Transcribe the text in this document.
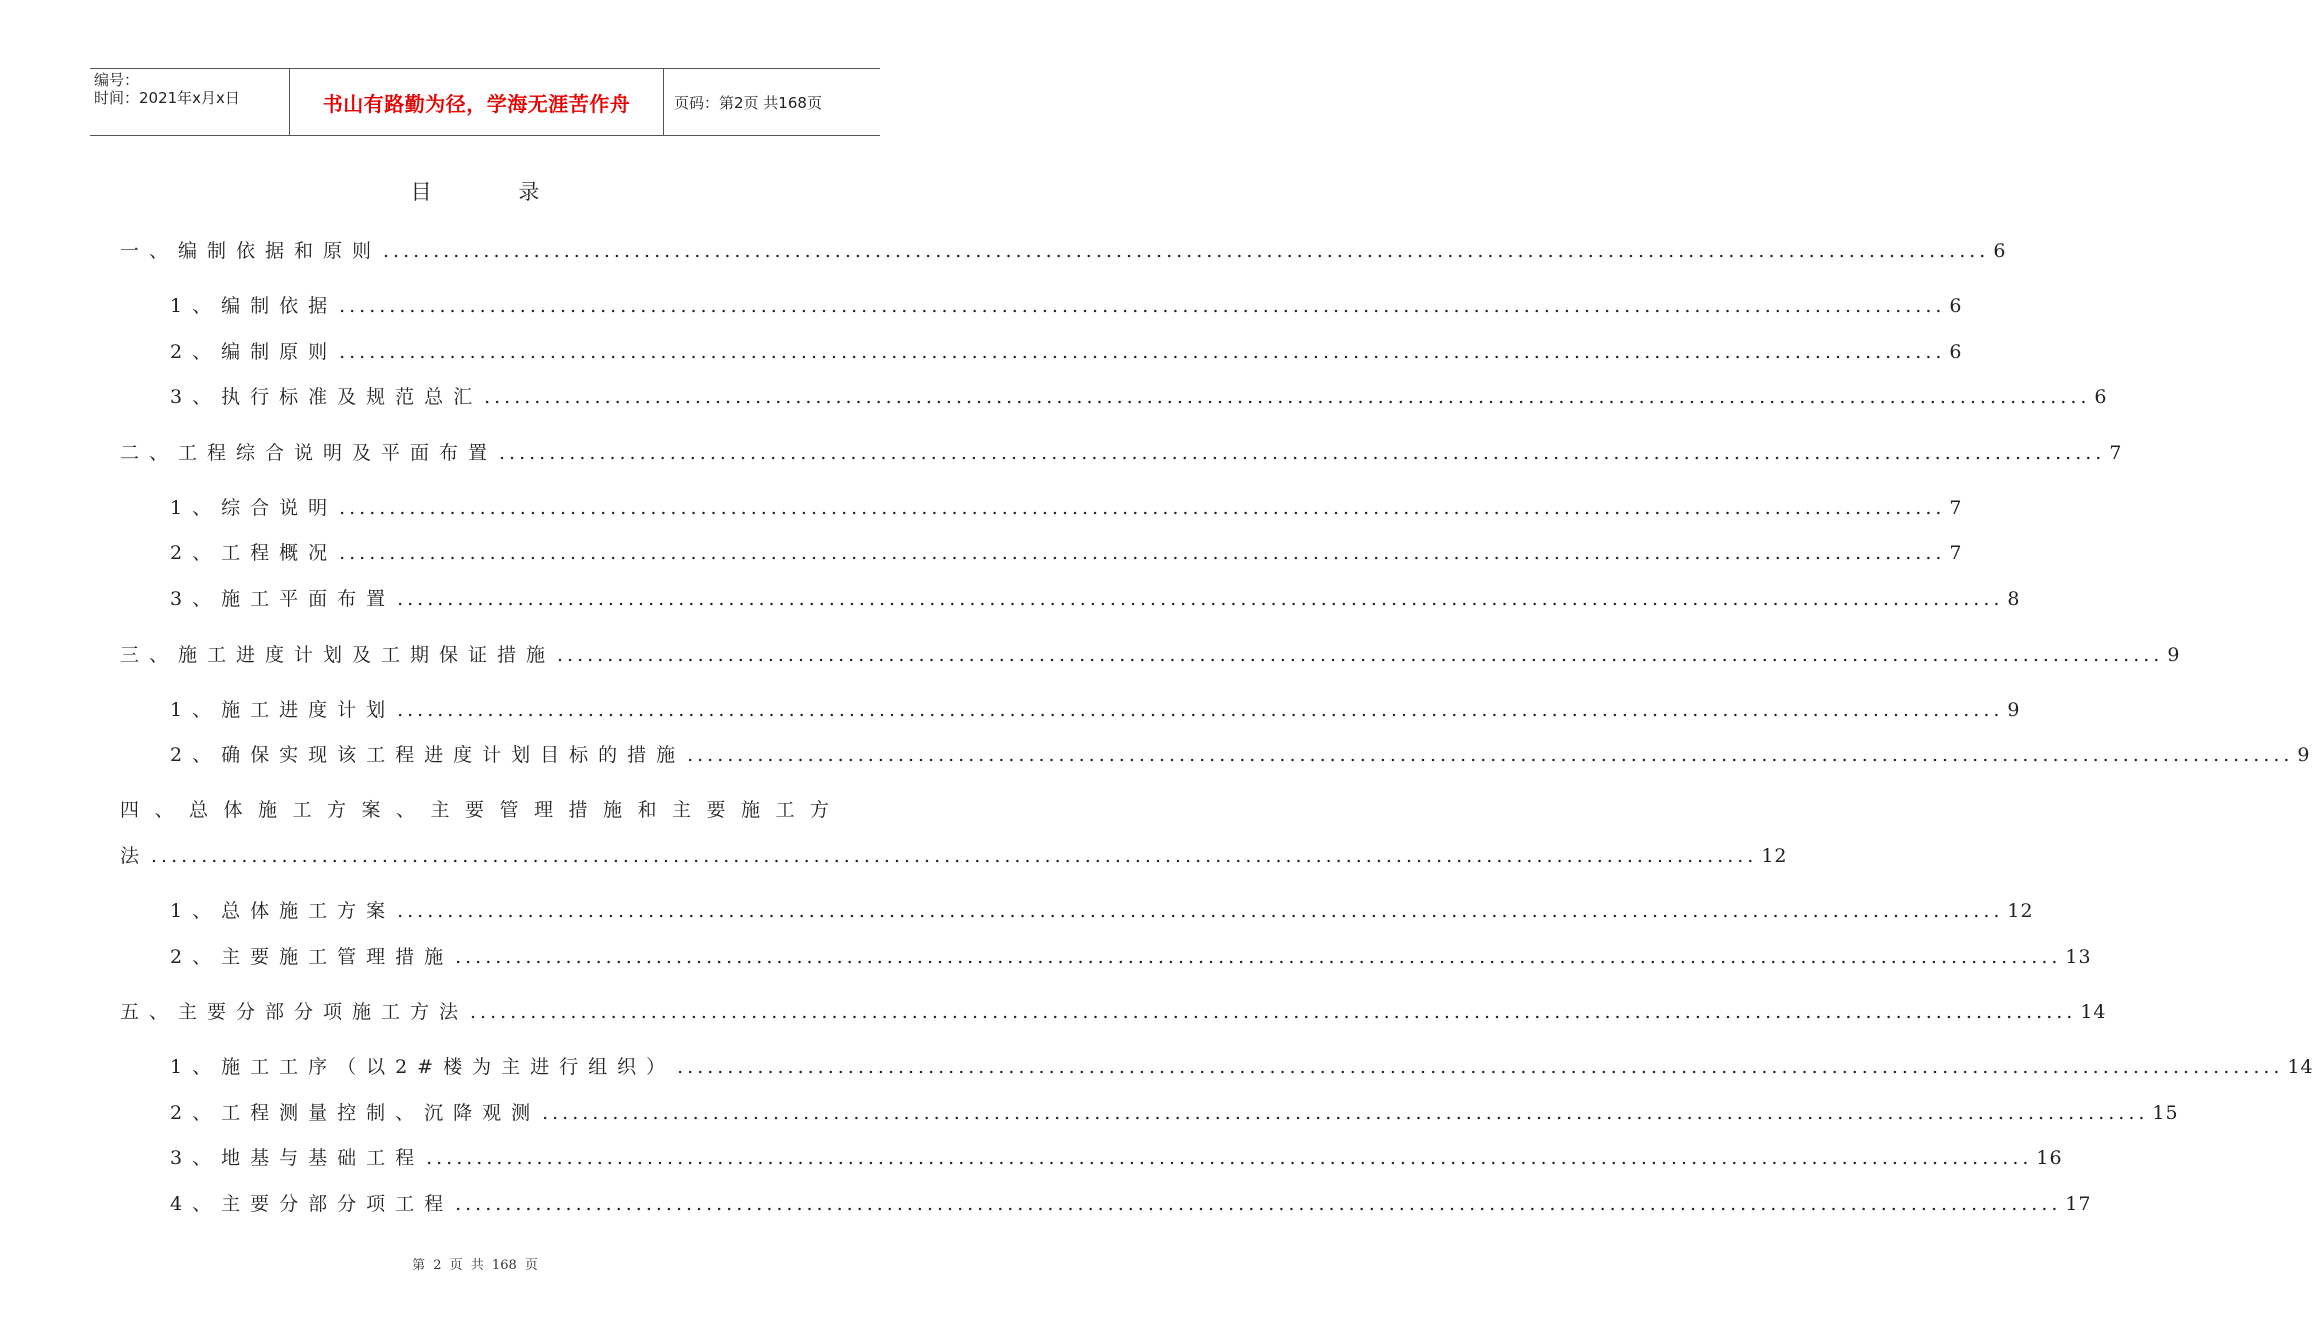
编号：
时间：2021年x月x日	书山有路勤为径，学海无涯苦作舟	页码：第2页 共168页
目 录
一、编制依据和原则 ................................................................................................................................................................ 6
1、编制依据 ................................................................................................................................................................ 6
2、编制原则 ................................................................................................................................................................ 6
3、执行标准及规范总汇 ................................................................................................................................................................ 6
二、工程综合说明及平面布置 ................................................................................................................................................................ 7
1、综合说明 ................................................................................................................................................................ 7
2、工程概况 ................................................................................................................................................................ 7
3、施工平面布置 ................................................................................................................................................................ 8
三、施工进度计划及工期保证措施 ................................................................................................................................................................ 9
1、施工进度计划 ................................................................................................................................................................ 9
2、确保实现该工程进度计划目标的措施 ................................................................................................................................................................ 9
四、总体施工方案、主要管理措施和主要施工方
法 ................................................................................................................................................................ 12
1、总体施工方案 ................................................................................................................................................................ 12
2、主要施工管理措施 ................................................................................................................................................................ 13
五、主要分部分项施工方法 ................................................................................................................................................................ 14
1、施工工序（以2#楼为主进行组织） ................................................................................................................................................................ 14
2、工程测量控制、沉降观测 ................................................................................................................................................................ 15
3、地基与基础工程 ................................................................................................................................................................ 16
4、主要分部分项工程 ................................................................................................................................................................ 17
第 2 页 共 168 页
